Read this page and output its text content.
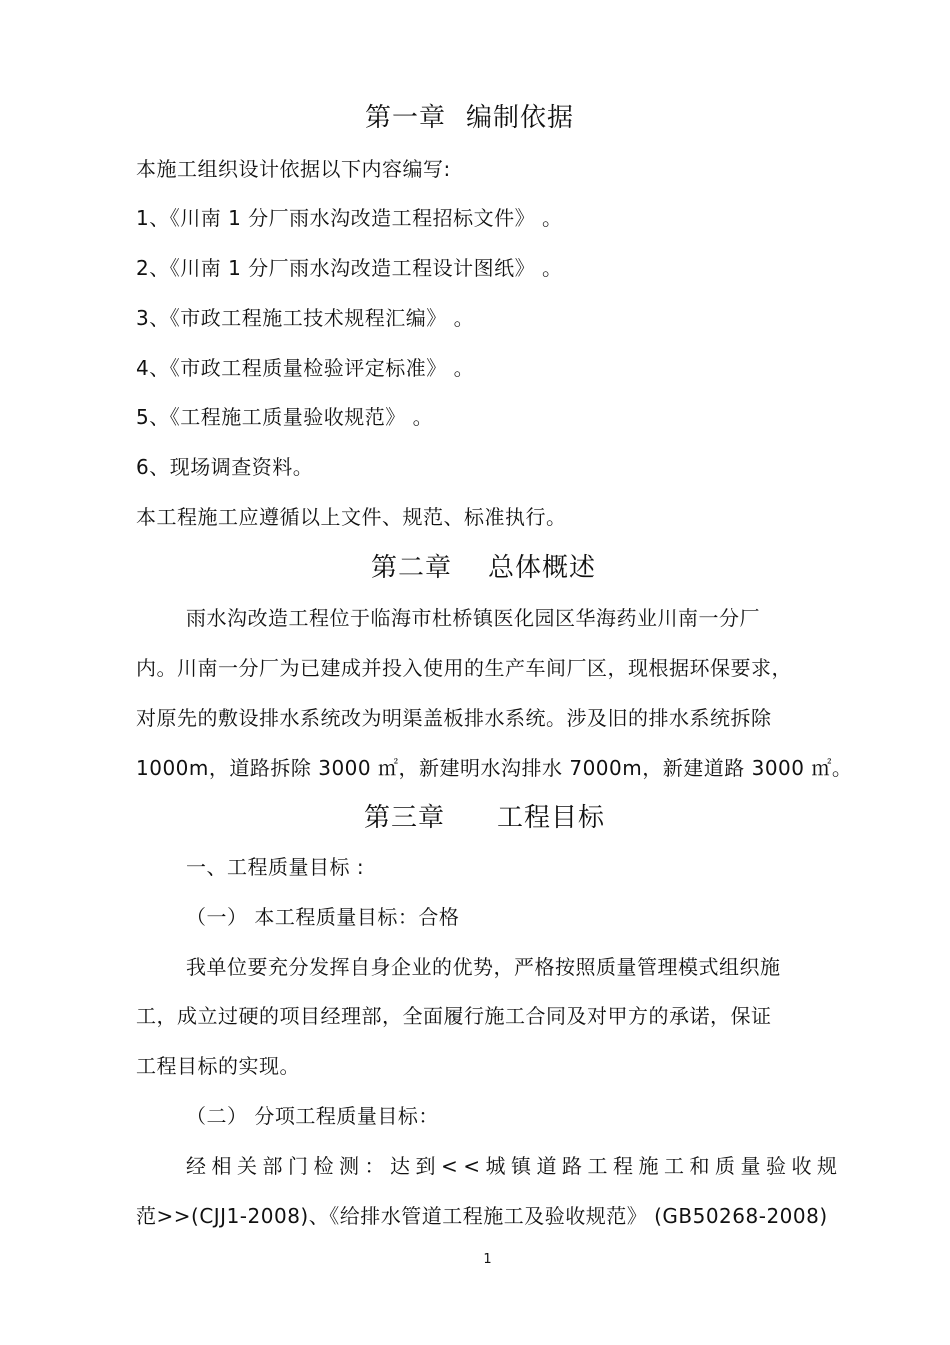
第一章 编制依据
本施工组织设计依据以下内容编写:
1、《川南 1 分厂雨水沟改造工程招标文件》 。
2、《川南 1 分厂雨水沟改造工程设计图纸》 。
3、《市政工程施工技术规程汇编》 。
4、《市政工程质量检验评定标准》 。
5、《工程施工质量验收规范》 。
6、现场调查资料。
本工程施工应遵循以上文件、规范、标准执行。
第二章 总体概述
雨水沟改造工程位于临海市杜桥镇医化园区华海药业川南一分厂
内。川南一分厂为已建成并投入使用的生产车间厂区，现根据环保要求，
对原先的敷设排水系统改为明渠盖板排水系统。涉及旧的排水系统拆除
1000m，道路拆除 3000 ㎡，新建明水沟排水 7000m，新建道路 3000 ㎡。
第三章 工程目标
一、工程质量目标 :
（一） 本工程质量目标：合格
我单位要充分发挥自身企业的优势，严格按照质量管理模式组织施
工，成立过硬的项目经理部，全面履行施工合同及对甲方的承诺，保证
工程目标的实现。
（二） 分项工程质量目标：
经相关部门检测：达到<<城镇道路工程施工和质量验收规
范>>(CJJ1-2008)、《给排水管道工程施工及验收规范》 (GB50268-2008)
1
